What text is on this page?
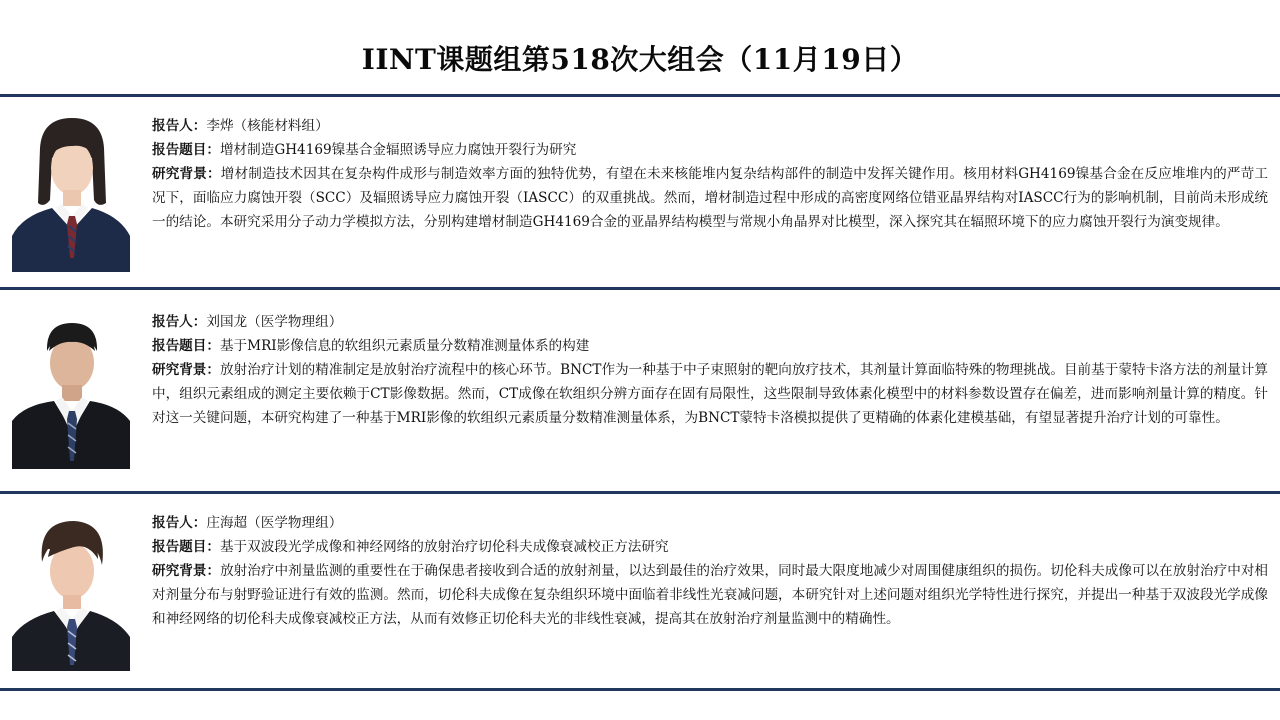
IINT课题组第518次大组会（11月19日）
报告人：李烨（核能材料组）
报告题目：增材制造GH4169镍基合金辐照诱导应力腐蚀开裂行为研究
研究背景：增材制造技术因其在复杂构件成形与制造效率方面的独特优势，有望在未来核能堆内复杂结构部件的制造中发挥关键作用。核用材料GH4169镍基合金在反应堆堆内的严苛工况下，面临应力腐蚀开裂（SCC）及辐照诱导应力腐蚀开裂（IASCC）的双重挑战。然而，增材制造过程中形成的高密度网络位错亚晶界结构对IASCC行为的影响机制，目前尚未形成统一的结论。本研究采用分子动力学模拟方法，分别构建增材制造GH4169合金的亚晶界结构模型与常规小角晶界对比模型，深入探究其在辐照环境下的应力腐蚀开裂行为演变规律。
报告人：刘国龙（医学物理组）
报告题目：基于MRI影像信息的软组织元素质量分数精准测量体系的构建
研究背景：放射治疗计划的精准制定是放射治疗流程中的核心环节。BNCT作为一种基于中子束照射的靶向放疗技术，其剂量计算面临特殊的物理挑战。目前基于蒙特卡洛方法的剂量计算中，组织元素组成的测定主要依赖于CT影像数据。然而，CT成像在软组织分辨方面存在固有局限性，这些限制导致体素化模型中的材料参数设置存在偏差，进而影响剂量计算的精度。针对这一关键问题，本研究构建了一种基于MRI影像的软组织元素质量分数精准测量体系，为BNCT蒙特卡洛模拟提供了更精确的体素化建模基础，有望显著提升治疗计划的可靠性。
报告人：庄海超（医学物理组）
报告题目：基于双波段光学成像和神经网络的放射治疗切伦科夫成像衰减校正方法研究
研究背景：放射治疗中剂量监测的重要性在于确保患者接收到合适的放射剂量，以达到最佳的治疗效果，同时最大限度地减少对周围健康组织的损伤。切伦科夫成像可以在放射治疗中对相对剂量分布与射野验证进行有效的监测。然而，切伦科夫成像在复杂组织环境中面临着非线性光衰减问题，本研究针对上述问题对组织光学特性进行探究，并提出一种基于双波段光学成像和神经网络的切伦科夫成像衰减校正方法，从而有效修正切伦科夫光的非线性衰减，提高其在放射治疗剂量监测中的精确性。
